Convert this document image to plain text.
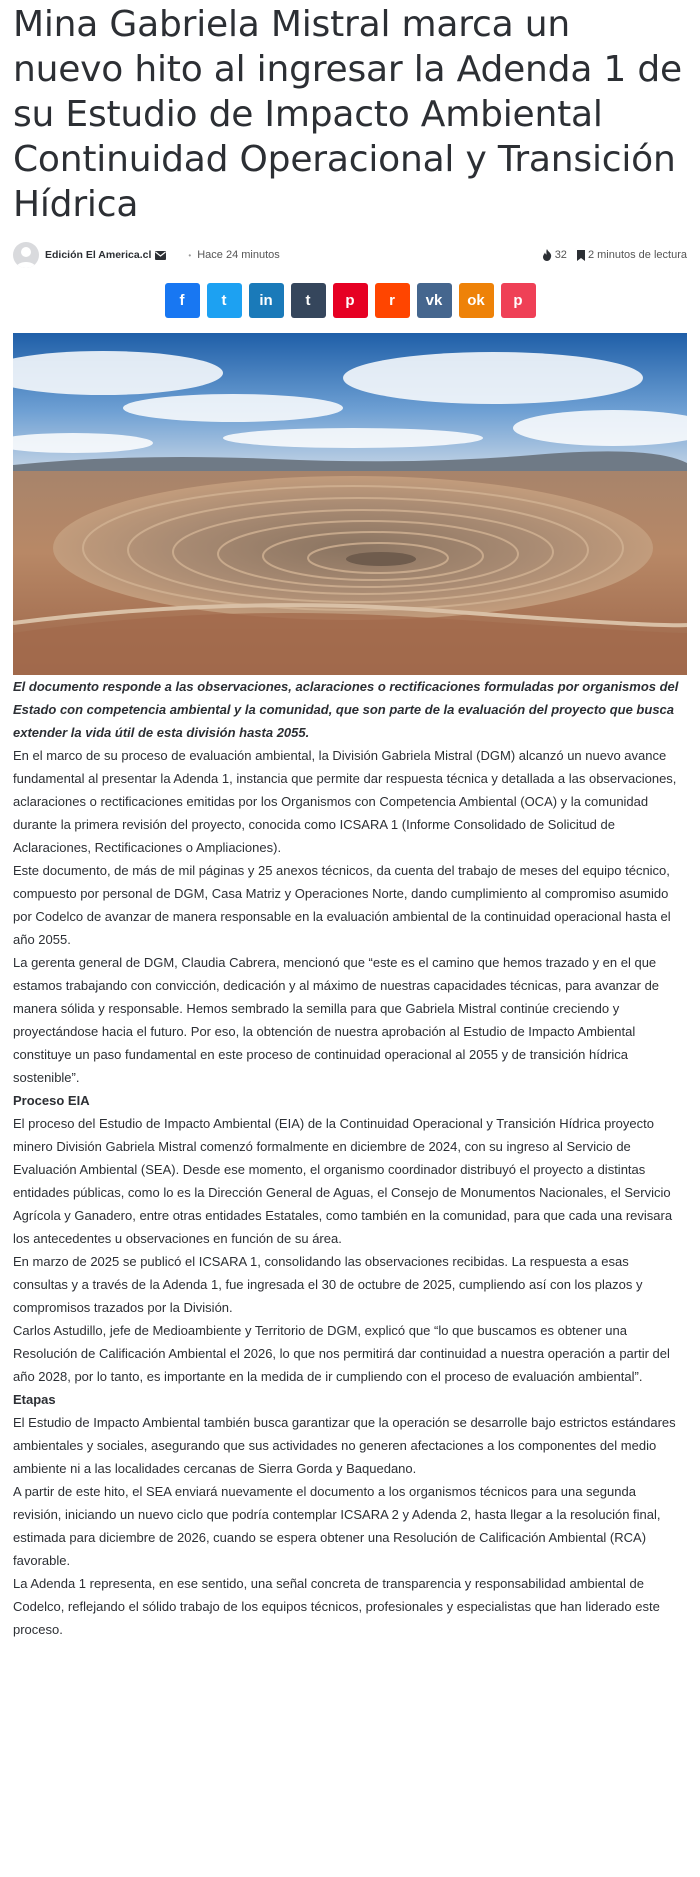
Mina Gabriela Mistral marca un nuevo hito al ingresar la Adenda 1 de su Estudio de Impacto Ambiental Continuidad Operacional y Transición Hídrica
Edición El America.cl	• Hace 24 minutos	32 2 minutos de lectura
f t in t p r vk ok p

El documento responde a las observaciones, aclaraciones o rectificaciones formuladas por organismos del Estado con competencia ambiental y la comunidad, que son parte de la evaluación del proyecto que busca extender la vida útil de esta división hasta 2055.

En el marco de su proceso de evaluación ambiental, la División Gabriela Mistral (DGM) alcanzó un nuevo avance fundamental al presentar la Adenda 1, instancia que permite dar respuesta técnica y detallada a las observaciones, aclaraciones o rectificaciones emitidas por los Organismos con Competencia Ambiental (OCA) y la comunidad durante la primera revisión del proyecto, conocida como ICSARA 1 (Informe Consolidado de Solicitud de Aclaraciones, Rectificaciones o Ampliaciones).

Este documento, de más de mil páginas y 25 anexos técnicos, da cuenta del trabajo de meses del equipo técnico, compuesto por personal de DGM, Casa Matriz y Operaciones Norte, dando cumplimiento al compromiso asumido por Codelco de avanzar de manera responsable en la evaluación ambiental de la continuidad operacional hasta el año 2055.

La gerenta general de DGM, Claudia Cabrera, mencionó que “este es el camino que hemos trazado y en el que estamos trabajando con convicción, dedicación y al máximo de nuestras capacidades técnicas, para avanzar de manera sólida y responsable. Hemos sembrado la semilla para que Gabriela Mistral continúe creciendo y proyectándose hacia el futuro. Por eso, la obtención de nuestra aprobación al Estudio de Impacto Ambiental constituye un paso fundamental en este proceso de continuidad operacional al 2055 y de transición hídrica sostenible”.

Proceso EIA

El proceso del Estudio de Impacto Ambiental (EIA) de la Continuidad Operacional y Transición Hídrica proyecto minero División Gabriela Mistral comenzó formalmente en diciembre de 2024, con su ingreso al Servicio de Evaluación Ambiental (SEA). Desde ese momento, el organismo coordinador distribuyó el proyecto a distintas entidades públicas, como lo es la Dirección General de Aguas, el Consejo de Monumentos Nacionales, el Servicio Agrícola y Ganadero, entre otras entidades Estatales, como también en la comunidad, para que cada una revisara los antecedentes u observaciones en función de su área.

En marzo de 2025 se publicó el ICSARA 1, consolidando las observaciones recibidas. La respuesta a esas consultas y a través de la Adenda 1, fue ingresada el 30 de octubre de 2025, cumpliendo así con los plazos y compromisos trazados por la División.

Carlos Astudillo, jefe de Medioambiente y Territorio de DGM, explicó que “lo que buscamos es obtener una Resolución de Calificación Ambiental el 2026, lo que nos permitirá dar continuidad a nuestra operación a partir del año 2028, por lo tanto, es importante en la medida de ir cumpliendo con el proceso de evaluación ambiental”.

Etapas

El Estudio de Impacto Ambiental también busca garantizar que la operación se desarrolle bajo estrictos estándares ambientales y sociales, asegurando que sus actividades no generen afectaciones a los componentes del medio ambiente ni a las localidades cercanas de Sierra Gorda y Baquedano.

A partir de este hito, el SEA enviará nuevamente el documento a los organismos técnicos para una segunda revisión, iniciando un nuevo ciclo que podría contemplar ICSARA 2 y Adenda 2, hasta llegar a la resolución final, estimada para diciembre de 2026, cuando se espera obtener una Resolución de Calificación Ambiental (RCA) favorable.

La Adenda 1 representa, en ese sentido, una señal concreta de transparencia y responsabilidad ambiental de Codelco, reflejando el sólido trabajo de los equipos técnicos, profesionales y especialistas que han liderado este proceso.
